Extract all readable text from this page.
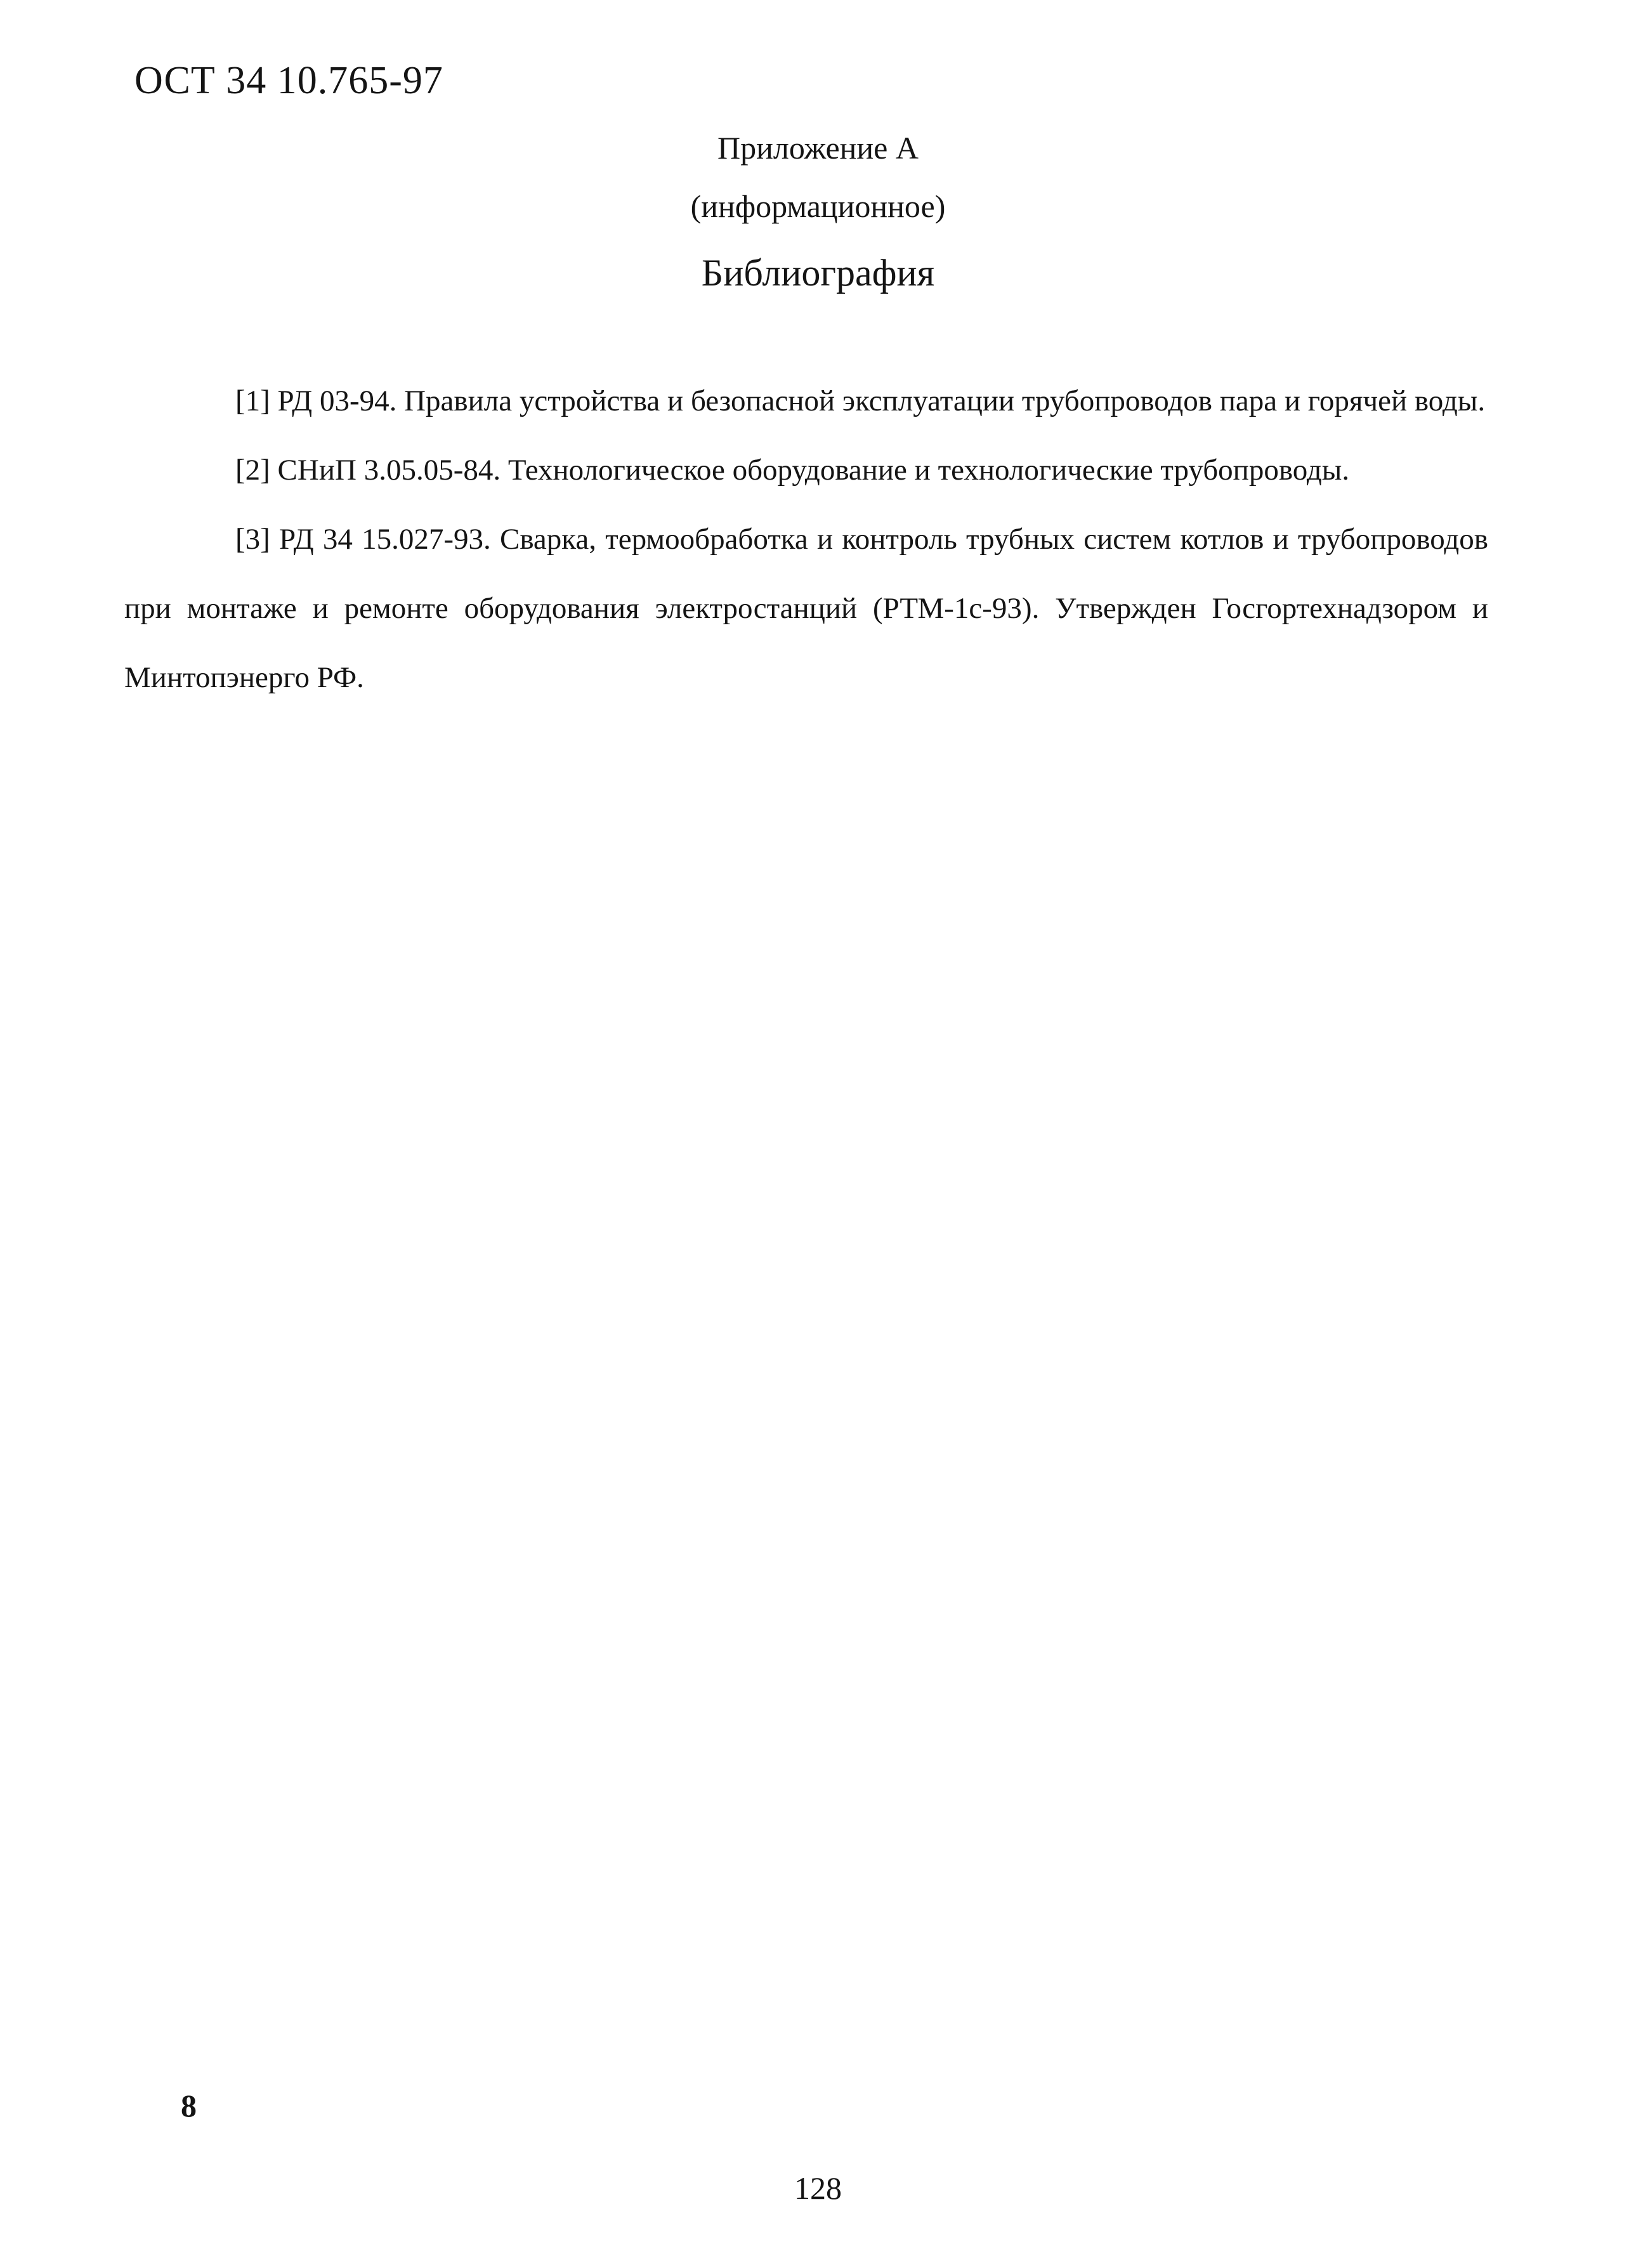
ОСТ 34 10.765-97
Приложение А
(информационное)
Библиография

[1] РД 03-94. Правила устройства и безопасной эксплуатации трубопроводов пара и горячей воды.

[2] СНиП 3.05.05-84. Технологическое оборудование и технологические трубопроводы.

[3] РД 34 15.027-93. Сварка, термообработка и контроль трубных систем котлов и трубопроводов при монтаже и ремонте оборудования электростанций (РТМ-1с-93). Утвержден Госгортехнадзором и Минтопэнерго РФ.

8
128
